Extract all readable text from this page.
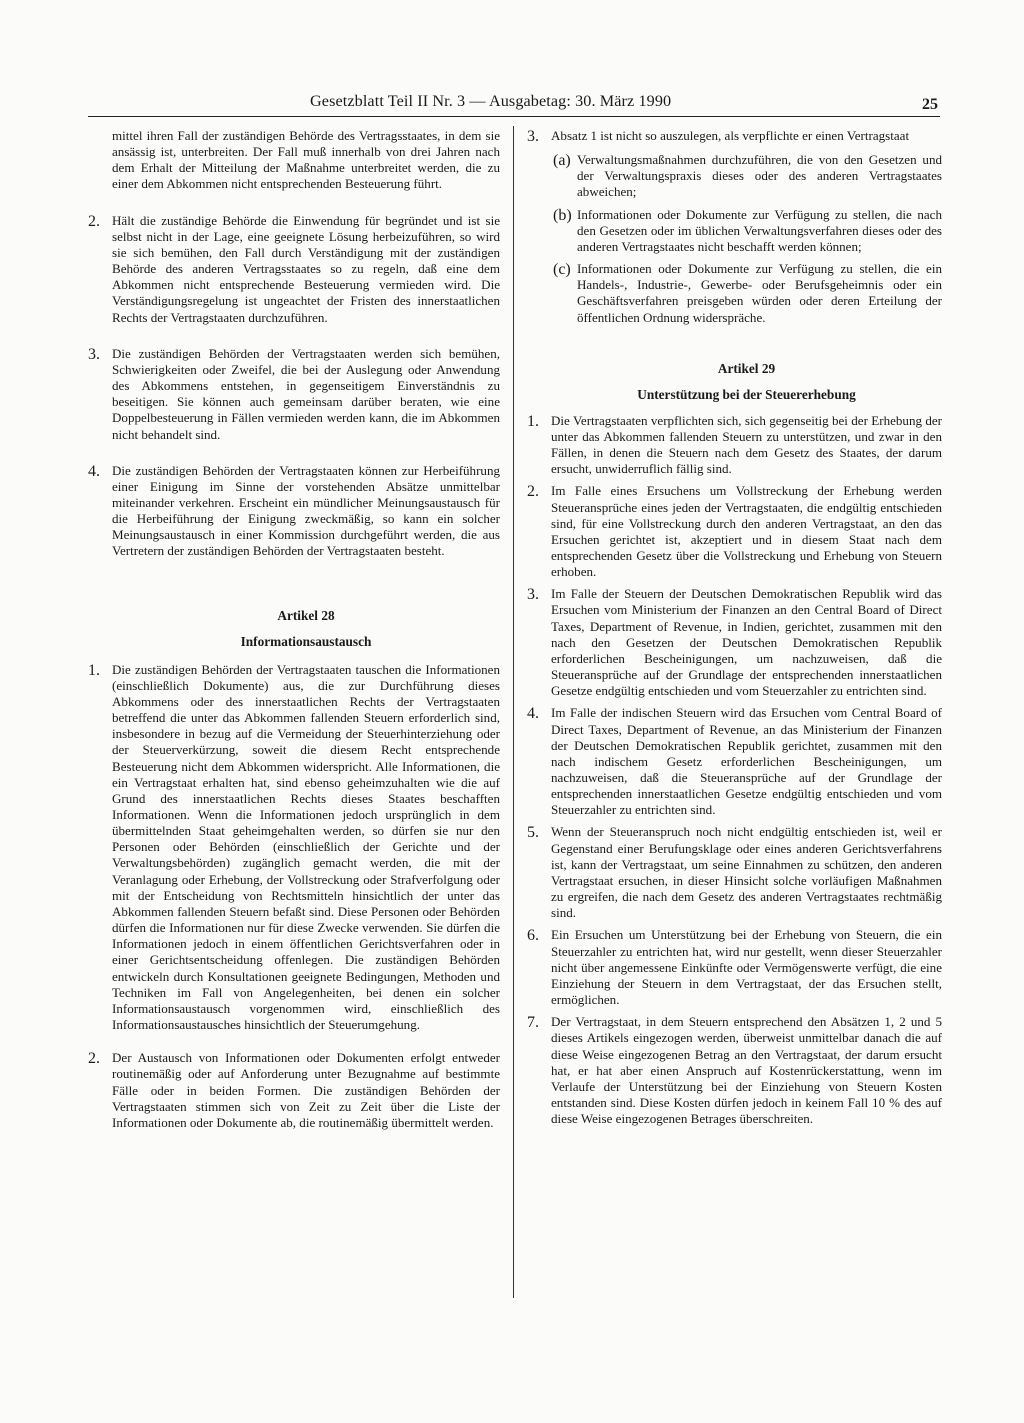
Gesetzblatt Teil II Nr. 3 — Ausgabetag: 30. März 1990	25

mittel ihren Fall der zuständigen Behörde des Vertragsstaates, in dem sie ansässig ist, unterbreiten. Der Fall muß innerhalb von drei Jahren nach dem Erhalt der Mitteilung der Maßnahme unterbreitet werden, die zu einer dem Abkommen nicht entsprechenden Besteuerung führt.

2. Hält die zuständige Behörde die Einwendung für begründet und ist sie selbst nicht in der Lage, eine geeignete Lösung herbeizuführen, so wird sie sich bemühen, den Fall durch Verständigung mit der zuständigen Behörde des anderen Vertragsstaates so zu regeln, daß eine dem Abkommen nicht entsprechende Besteuerung vermieden wird. Die Verständigungsregelung ist ungeachtet der Fristen des innerstaatlichen Rechts der Vertragstaaten durchzuführen.

3. Die zuständigen Behörden der Vertragstaaten werden sich bemühen, Schwierigkeiten oder Zweifel, die bei der Auslegung oder Anwendung des Abkommens entstehen, in gegenseitigem Einverständnis zu beseitigen. Sie können auch gemeinsam darüber beraten, wie eine Doppelbesteuerung in Fällen vermieden werden kann, die im Abkommen nicht behandelt sind.

4. Die zuständigen Behörden der Vertragstaaten können zur Herbeiführung einer Einigung im Sinne der vorstehenden Absätze unmittelbar miteinander verkehren. Erscheint ein mündlicher Meinungsaustausch für die Herbeiführung der Einigung zweckmäßig, so kann ein solcher Meinungsaustausch in einer Kommission durchgeführt werden, die aus Vertretern der zuständigen Behörden der Vertragstaaten besteht.

Artikel 28
Informationsaustausch
1. Die zuständigen Behörden der Vertragstaaten tauschen die Informationen (einschließlich Dokumente) aus, die zur Durchführung dieses Abkommens oder des innerstaatlichen Rechts der Vertragstaaten betreffend die unter das Abkommen fallenden Steuern erforderlich sind, insbesondere in bezug auf die Vermeidung der Steuerhinterziehung oder der Steuerverkürzung, soweit die diesem Recht entsprechende Besteuerung nicht dem Abkommen widerspricht. Alle Informationen, die ein Vertragstaat erhalten hat, sind ebenso geheimzuhalten wie die auf Grund des innerstaatlichen Rechts dieses Staates beschafften Informationen. Wenn die Informationen jedoch ursprünglich in dem übermittelnden Staat geheimgehalten werden, so dürfen sie nur den Personen oder Behörden (einschließlich der Gerichte und der Verwaltungsbehörden) zugänglich gemacht werden, die mit der Veranlagung oder Erhebung, der Vollstreckung oder Strafverfolgung oder mit der Entscheidung von Rechtsmitteln hinsichtlich der unter das Abkommen fallenden Steuern befaßt sind. Diese Personen oder Behörden dürfen die Informationen nur für diese Zwecke verwenden. Sie dürfen die Informationen jedoch in einem öffentlichen Gerichtsverfahren oder in einer Gerichtsentscheidung offenlegen. Die zuständigen Behörden entwickeln durch Konsultationen geeignete Bedingungen, Methoden und Techniken im Fall von Angelegenheiten, bei denen ein solcher Informationsaustausch vorgenommen wird, einschließlich des Informationsaustausches hinsichtlich der Steuerumgehung.

2. Der Austausch von Informationen oder Dokumenten erfolgt entweder routinemäßig oder auf Anforderung unter Bezugnahme auf bestimmte Fälle oder in beiden Formen. Die zuständigen Behörden der Vertragstaaten stimmen sich von Zeit zu Zeit über die Liste der Informationen oder Dokumente ab, die routinemäßig übermittelt werden.

3. Absatz 1 ist nicht so auszulegen, als verpflichte er einen Vertragstaat

(a) Verwaltungsmaßnahmen durchzuführen, die von den Gesetzen und der Verwaltungspraxis dieses oder des anderen Vertragstaates abweichen;

(b) Informationen oder Dokumente zur Verfügung zu stellen, die nach den Gesetzen oder im üblichen Verwaltungsverfahren dieses oder des anderen Vertragstaates nicht beschafft werden können;

(c) Informationen oder Dokumente zur Verfügung zu stellen, die ein Handels-, Industrie-, Gewerbe- oder Berufsgeheimnis oder ein Geschäftsverfahren preisgeben würden oder deren Erteilung der öffentlichen Ordnung widerspräche.

Artikel 29
Unterstützung bei der Steuererhebung
1. Die Vertragstaaten verpflichten sich, sich gegenseitig bei der Erhebung der unter das Abkommen fallenden Steuern zu unterstützen, und zwar in den Fällen, in denen die Steuern nach dem Gesetz des Staates, der darum ersucht, unwiderruflich fällig sind.

2. Im Falle eines Ersuchens um Vollstreckung der Erhebung werden Steueransprüche eines jeden der Vertragstaaten, die endgültig entschieden sind, für eine Vollstreckung durch den anderen Vertragstaat, an den das Ersuchen gerichtet ist, akzeptiert und in diesem Staat nach dem entsprechenden Gesetz über die Vollstreckung und Erhebung von Steuern erhoben.

3. Im Falle der Steuern der Deutschen Demokratischen Republik wird das Ersuchen vom Ministerium der Finanzen an den Central Board of Direct Taxes, Department of Revenue, in Indien, gerichtet, zusammen mit den nach den Gesetzen der Deutschen Demokratischen Republik erforderlichen Bescheinigungen, um nachzuweisen, daß die Steueransprüche auf der Grundlage der entsprechenden innerstaatlichen Gesetze endgültig entschieden und vom Steuerzahler zu entrichten sind.

4. Im Falle der indischen Steuern wird das Ersuchen vom Central Board of Direct Taxes, Department of Revenue, an das Ministerium der Finanzen der Deutschen Demokratischen Republik gerichtet, zusammen mit den nach indischem Gesetz erforderlichen Bescheinigungen, um nachzuweisen, daß die Steueransprüche auf der Grundlage der entsprechenden innerstaatlichen Gesetze endgültig entschieden und vom Steuerzahler zu entrichten sind.

5. Wenn der Steueranspruch noch nicht endgültig entschieden ist, weil er Gegenstand einer Berufungsklage oder eines anderen Gerichtsverfahrens ist, kann der Vertragstaat, um seine Einnahmen zu schützen, den anderen Vertragstaat ersuchen, in dieser Hinsicht solche vorläufigen Maßnahmen zu ergreifen, die nach dem Gesetz des anderen Vertragstaates rechtmäßig sind.

6. Ein Ersuchen um Unterstützung bei der Erhebung von Steuern, die ein Steuerzahler zu entrichten hat, wird nur gestellt, wenn dieser Steuerzahler nicht über angemessene Einkünfte oder Vermögenswerte verfügt, die eine Einziehung der Steuern in dem Vertragstaat, der das Ersuchen stellt, ermöglichen.

7. Der Vertragstaat, in dem Steuern entsprechend den Absätzen 1, 2 und 5 dieses Artikels eingezogen werden, überweist unmittelbar danach die auf diese Weise eingezogenen Betrag an den Vertragstaat, der darum ersucht hat, er hat aber einen Anspruch auf Kostenrückerstattung, wenn im Verlaufe der Unterstützung bei der Einziehung von Steuern Kosten entstanden sind. Diese Kosten dürfen jedoch in keinem Fall 10 % des auf diese Weise eingezogenen Betrages überschreiten.
